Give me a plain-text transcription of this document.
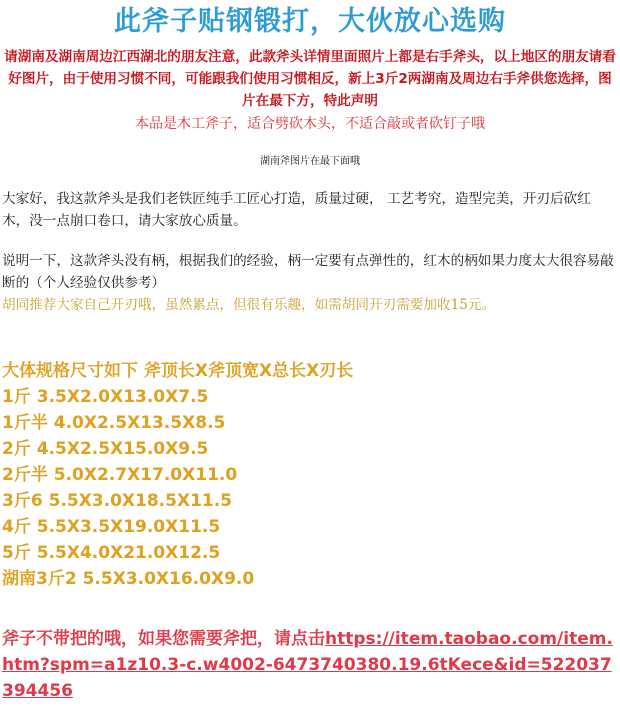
此斧子贴钢锻打，大伙放心选购
请湖南及湖南周边江西湖北的朋友注意，此款斧头详情里面照片上都是右手斧头，以上地区的朋友请看好图片，由于使用习惯不同，可能跟我们使用习惯相反，新上3斤2两湖南及周边右手斧供您选择，图片在最下方，特此声明
本品是木工斧子，适合劈砍木头，不适合敲或者砍钉子哦
湖南斧图片在最下面哦
大家好，我这款斧头是我们老铁匠纯手工匠心打造，质量过硬， 工艺考究，造型完美，开刃后砍红木，没一点崩口卷口，请大家放心质量。
说明一下，这款斧头没有柄，根据我们的经验，柄一定要有点弹性的，红木的柄如果力度太大很容易敲断的（个人经验仅供参考）
胡同推荐大家自己开刃哦，虽然累点，但很有乐趣，如需胡同开刃需要加收15元。
大体规格尺寸如下 斧顶长X斧顶宽X总长X刃长
1斤 3.5X2.0X13.0X7.5
1斤半 4.0X2.5X13.5X8.5
2斤 4.5X2.5X15.0X9.5
2斤半 5.0X2.7X17.0X11.0
3斤6 5.5X3.0X18.5X11.5
4斤 5.5X3.5X19.0X11.5
5斤 5.5X4.0X21.0X12.5
湖南3斤2 5.5X3.0X16.0X9.0
斧子不带把的哦，如果您需要斧把，请点击https://item.taobao.com/item.htm?spm=a1z10.3-c.w4002-6473740380.19.6tKece&id=522037394456
